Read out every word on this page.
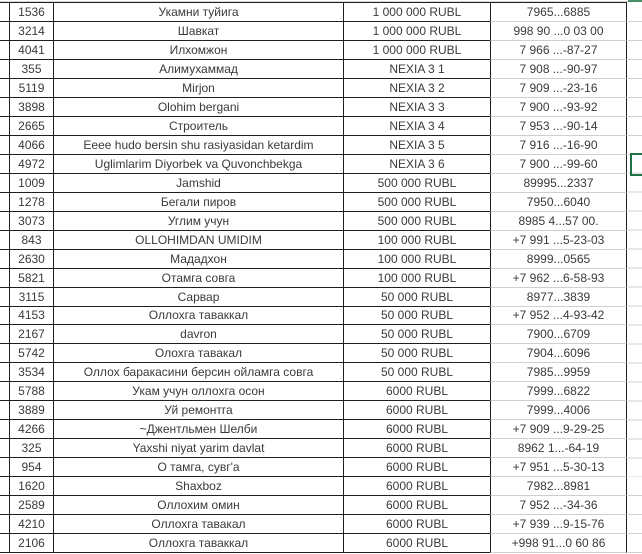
1536	Укамни туйига	1 000 000 RUBL	7965...6885
3214	Шавкат	1 000 000 RUBL	998 90 ...0 03 00
4041	Илхомжон	1 000 000 RUBL	7 966 ...-87-27
355	Алимухаммад	NEXIA 3 1	7 908 ...-90-97
5119	Mirjon	NEXIA 3 2	7 909 ...-23-16
3898	Olohim bergani	NEXIA 3 3	7 900 ...-93-92
2665	Строитель	NEXIA 3 4	7 953 ...-90-14
4066	Eeee hudo bersin shu rasiyasidan ketardim	NEXIA 3 5	7 916 ...-16-90
4972	Uglimlarim Diyorbek va Quvonchbekga	NEXIA 3 6	7 900 ...-99-60
1009	Jamshid	500 000 RUBL	89995...2337
1278	Бегали пиров	500 000 RUBL	7950...6040
3073	Углим учун	500 000 RUBL	8985 4...57 00.
843	OLLOHIMDAN UMIDIM	100 000 RUBL	+7 991 ...5-23-03
2630	Мададхон	100 000 RUBL	8999...0565
5821	Отамга совга	100 000 RUBL	+7 962 ...6-58-93
3115	Сарвар	50 000 RUBL	8977...3839
4153	Оллохга таваккал	50 000 RUBL	+7 952 ...4-93-42
2167	davron	50 000 RUBL	7900...6709
5742	Олохга тавакал	50 000 RUBL	7904...6096
3534	Оллох баракасини берсин ойламга совга	50 000 RUBL	7985...9959
5788	Укам учун оллохга осон	6000 RUBL	7999...6822
3889	Уй ремонтга	6000 RUBL	7999...4006
4266	~Джентльмен Шелби	6000 RUBL	+7 909 ...9-29-25
325	Yaxshi niyat yarim davlat	6000 RUBL	8962 1...-64-19
954	О тамга, сувг'а	6000 RUBL	+7 951 ...5-30-13
1620	Shaxboz	6000 RUBL	7982...8981
2589	Оллохим омин	6000 RUBL	7 952 ...-34-36
4210	Оллохга тавакал	6000 RUBL	+7 939 ...9-15-76
2106	Оллохга таваккал	6000 RUBL	+998 91...0 60 86
